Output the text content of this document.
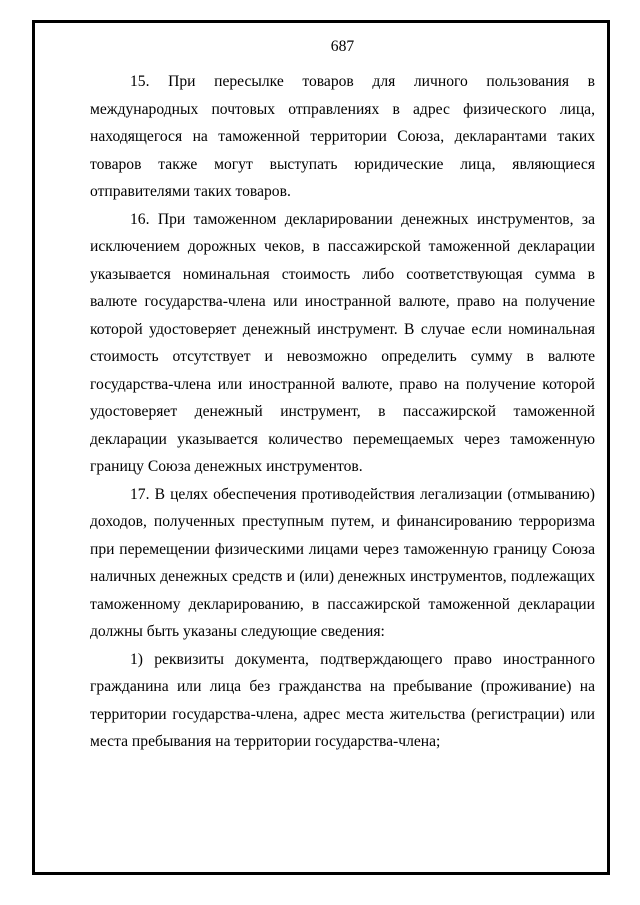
687

15. При пересылке товаров для личного пользования в международных почтовых отправлениях в адрес физического лица, находящегося на таможенной территории Союза, декларантами таких товаров также могут выступать юридические лица, являющиеся отправителями таких товаров.

16. При таможенном декларировании денежных инструментов, за исключением дорожных чеков, в пассажирской таможенной декларации указывается номинальная стоимость либо соответствующая сумма в валюте государства-члена или иностранной валюте, право на получение которой удостоверяет денежный инструмент. В случае если номинальная стоимость отсутствует и невозможно определить сумму в валюте государства-члена или иностранной валюте, право на получение которой удостоверяет денежный инструмент, в пассажирской таможенной декларации указывается количество перемещаемых через таможенную границу Союза денежных инструментов.

17. В целях обеспечения противодействия легализации (отмыванию) доходов, полученных преступным путем, и финансированию терроризма при перемещении физическими лицами через таможенную границу Союза наличных денежных средств и (или) денежных инструментов, подлежащих таможенному декларированию, в пассажирской таможенной декларации должны быть указаны следующие сведения:

1) реквизиты документа, подтверждающего право иностранного гражданина или лица без гражданства на пребывание (проживание) на территории государства-члена, адрес места жительства (регистрации) или места пребывания на территории государства-члена;
